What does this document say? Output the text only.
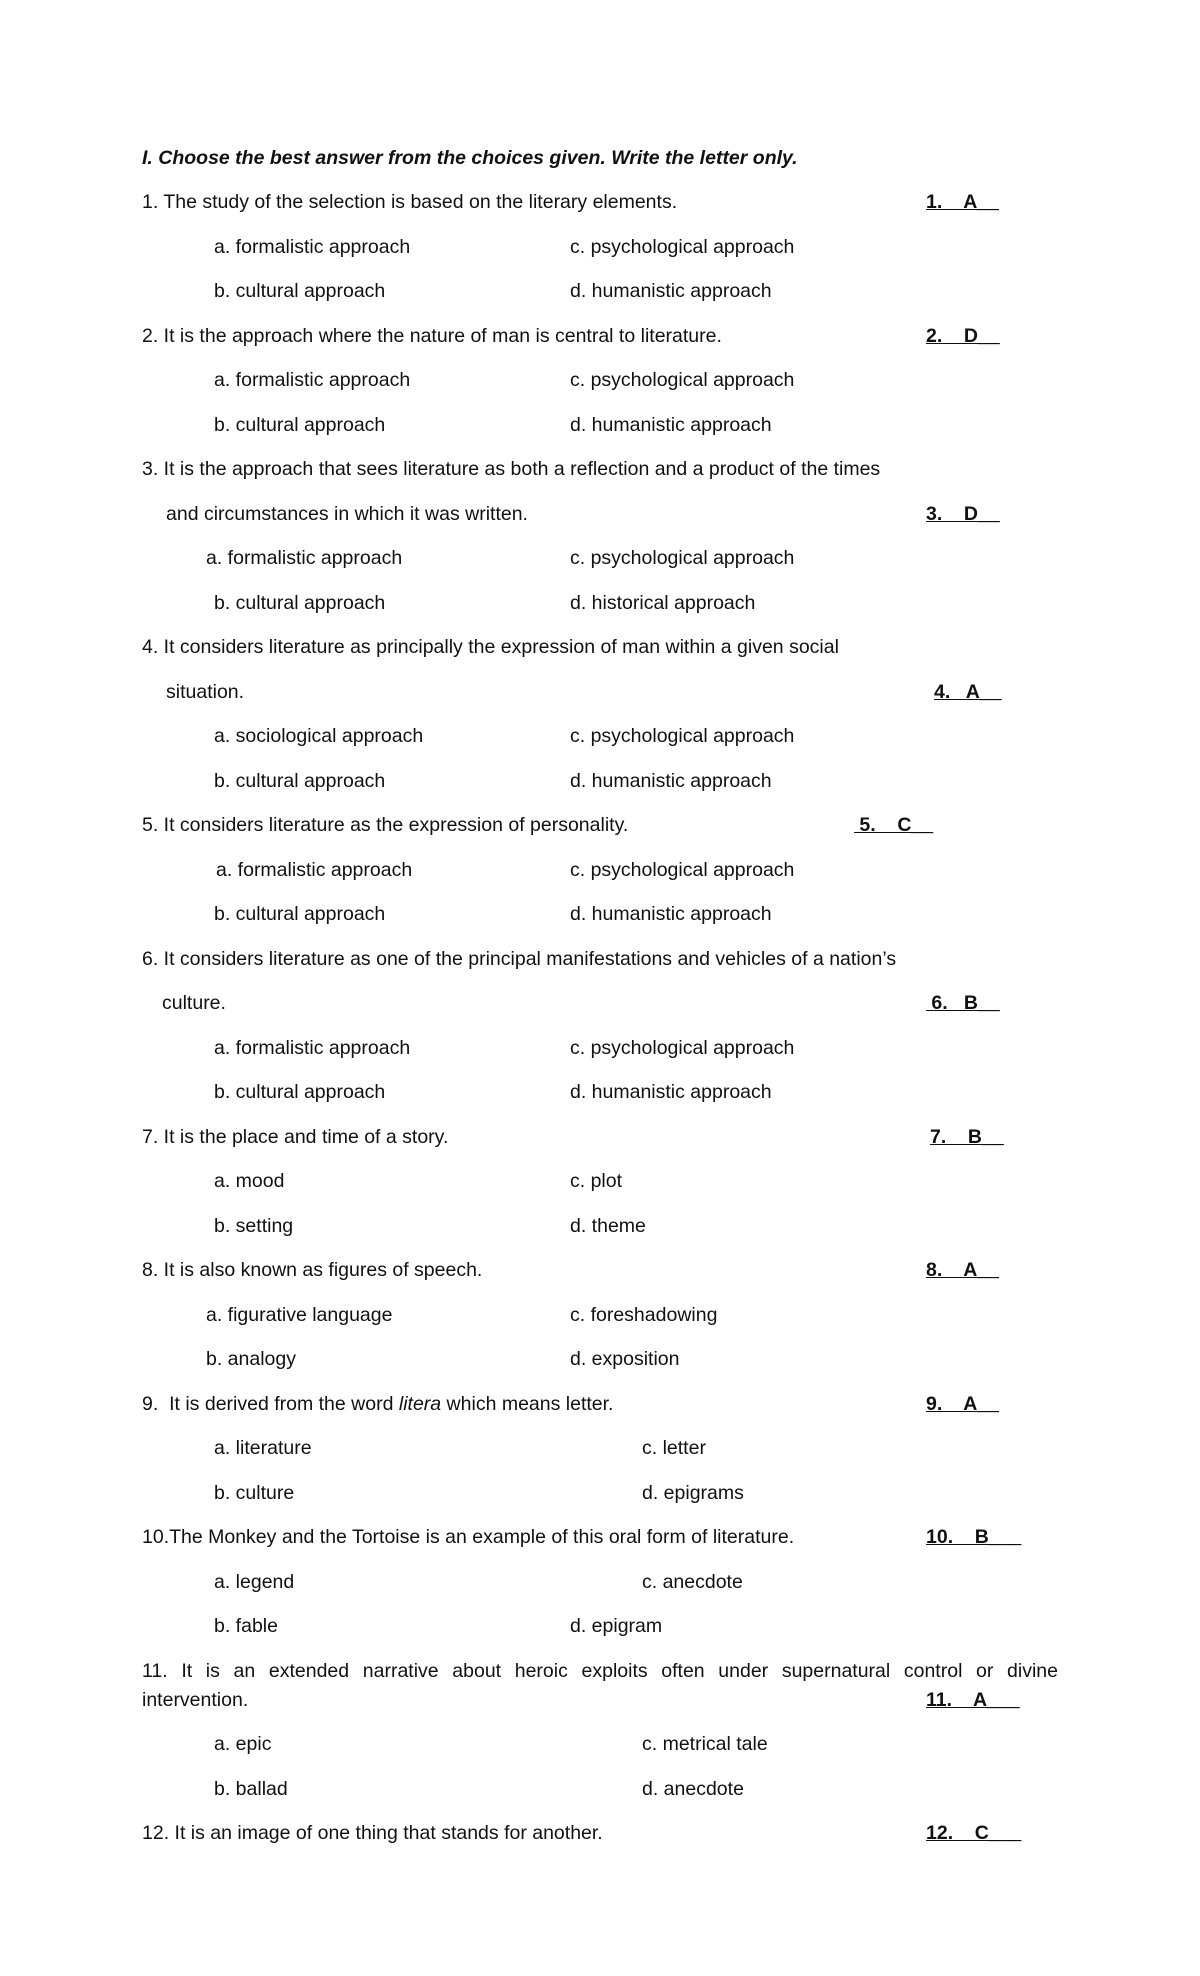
I. Choose the best answer from the choices given. Write the letter only.
1. The study of the selection is based on the literary elements.	1.    A__
a. formalistic approach	c. psychological approach
b. cultural approach	d. humanistic approach
2. It is the approach where the nature of man is central to literature.	2.    D__
a. formalistic approach	c. psychological approach
b. cultural approach	d. humanistic approach
3. It is the approach that sees literature as both a reflection and a product of the times
and circumstances in which it was written.	3.    D__
a. formalistic approach	c. psychological approach
b. cultural approach	d. historical approach
4. It considers literature as principally the expression of man within a given social
situation.	4.   A__
a. sociological approach	c. psychological approach
b. cultural approach	d. humanistic approach
5. It considers literature as the expression of personality.	5.    C__
a. formalistic approach	c. psychological approach
b. cultural approach	d. humanistic approach
6. It considers literature as one of the principal manifestations and vehicles of a nation’s
culture.	6.   B__
a. formalistic approach	c. psychological approach
b. cultural approach	d. humanistic approach
7. It is the place and time of a story.	7.    B__
a. mood	c. plot
b. setting	d. theme
8. It is also known as figures of speech.	8.    A__
a. figurative language	c. foreshadowing
b. analogy	d. exposition
9.  It is derived from the word litera which means letter.	9.    A__
a. literature	c. letter
b. culture	d. epigrams
10.The Monkey and the Tortoise is an example of this oral form of literature.	10.    B___
a. legend	c. anecdote
b. fable	d. epigram
11. It is an extended narrative about heroic exploits often under supernatural control or divine
intervention.	11.    A___
a. epic	c. metrical tale
b. ballad	d. anecdote
12. It is an image of one thing that stands for another.	12.    C___
